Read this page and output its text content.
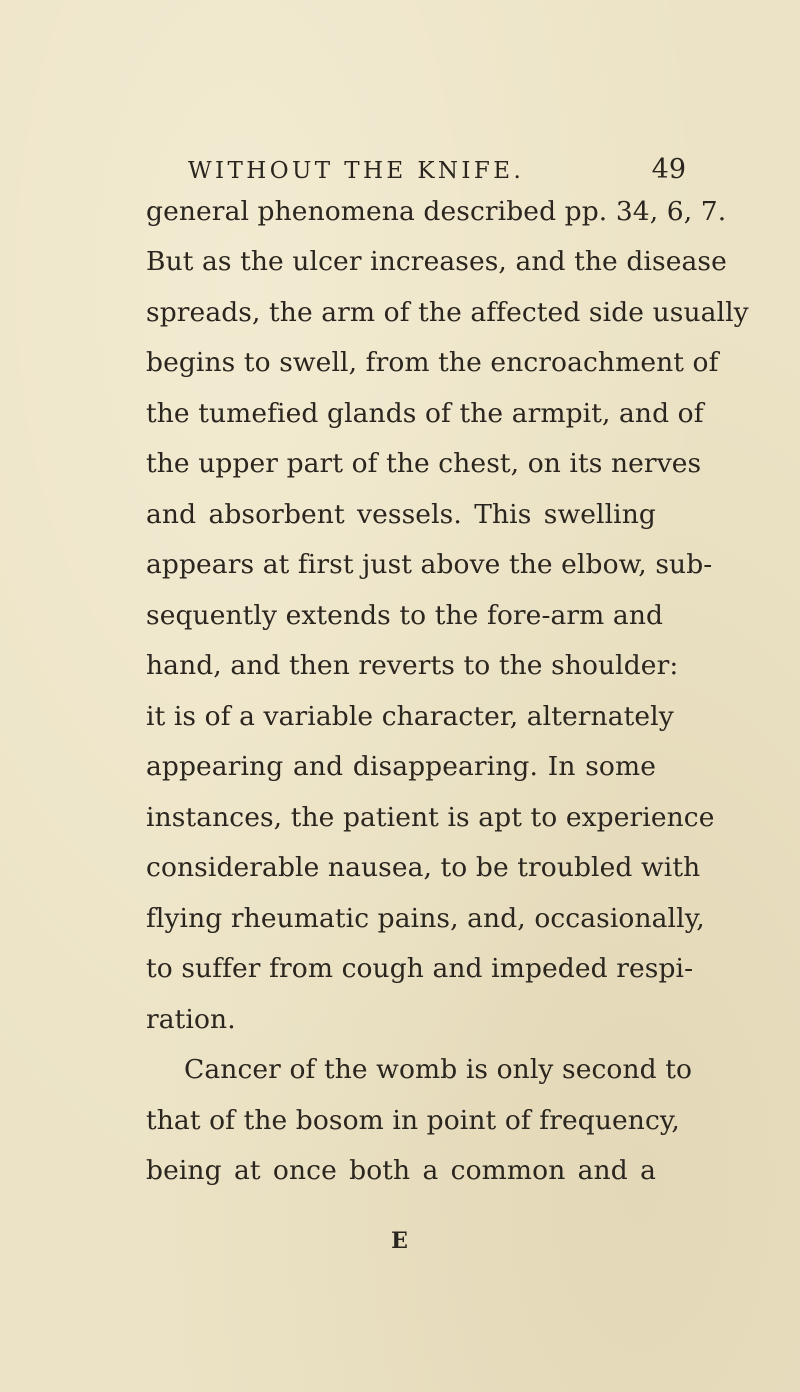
WITHOUT THE KNIFE.	49
general phenomena described pp. 34, 6, 7.
But as the ulcer increases, and the disease
spreads, the arm of the affected side usually
begins to swell, from the encroachment of
the tumefied glands of the armpit, and of
the upper part of the chest, on its nerves
and absorbent vessels. This swelling
appears at first just above the elbow, sub-
sequently extends to the fore-arm and
hand, and then reverts to the shoulder:
it is of a variable character, alternately
appearing and disappearing. In some
instances, the patient is apt to experience
considerable nausea, to be troubled with
flying rheumatic pains, and, occasionally,
to suffer from cough and impeded respi-
ration.
Cancer of the womb is only second to
that of the bosom in point of frequency,
being at once both a common and a
E
